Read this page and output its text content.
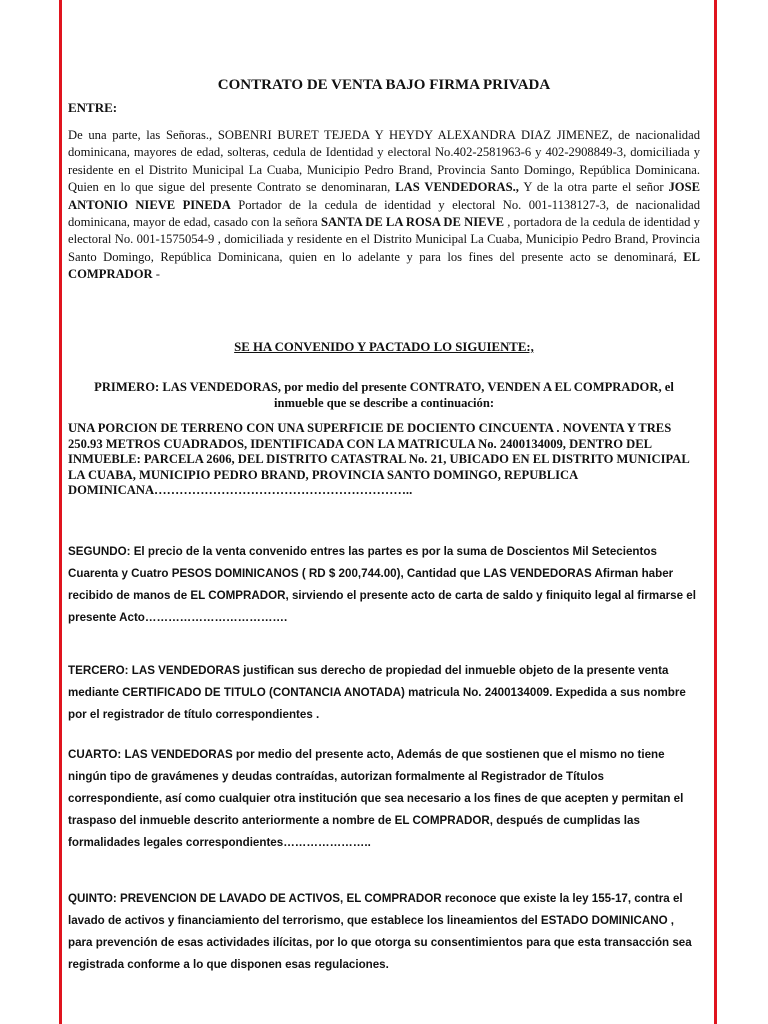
CONTRATO DE VENTA BAJO FIRMA PRIVADA
ENTRE:

De una parte, las Señoras., SOBENRI BURET TEJEDA Y HEYDY ALEXANDRA DIAZ JIMENEZ, de nacionalidad dominicana, mayores de edad, solteras, cedula de Identidad y electoral No.402-2581963-6 y 402-2908849-3, domiciliada y residente en el Distrito Municipal La Cuaba, Municipio Pedro Brand, Provincia Santo Domingo, República Dominicana. Quien en lo que sigue del presente Contrato se denominaran, LAS VENDEDORAS., Y de la otra parte el señor JOSE ANTONIO NIEVE PINEDA Portador de la cedula de identidad y electoral No. 001-1138127-3, de nacionalidad dominicana, mayor de edad, casado con la señora SANTA DE LA ROSA DE NIEVE , portadora de la cedula de identidad y electoral No. 001-1575054-9 , domiciliada y residente en el Distrito Municipal La Cuaba, Municipio Pedro Brand, Provincia Santo Domingo, República Dominicana, quien en lo adelante y para los fines del presente acto se denominará, EL COMPRADOR -

SE HA CONVENIDO Y PACTADO LO SIGUIENTE:,

PRIMERO: LAS VENDEDORAS, por medio del presente CONTRATO, VENDEN A EL COMPRADOR, el inmueble que se describe a continuación:

UNA PORCION DE TERRENO CON UNA SUPERFICIE DE DOCIENTO CINCUENTA . NOVENTA Y TRES 250.93 METROS CUADRADOS, IDENTIFICADA CON LA MATRICULA No. 2400134009, DENTRO DEL INMUEBLE: PARCELA 2606, DEL DISTRITO CATASTRAL No. 21, UBICADO EN EL DISTRITO MUNICIPAL LA CUABA, MUNICIPIO PEDRO BRAND, PROVINCIA SANTO DOMINGO, REPUBLICA DOMINICANA……………………………………………………..

SEGUNDO: El precio de la venta convenido entres las partes es por la suma de Doscientos Mil Setecientos Cuarenta y Cuatro PESOS DOMINICANOS ( RD $ 200,744.00), Cantidad que LAS VENDEDORAS Afirman haber recibido de manos de EL COMPRADOR, sirviendo el presente acto de carta de saldo y finiquito legal al firmarse el presente Acto……………………………….

TERCERO: LAS VENDEDORAS justifican sus derecho de propiedad del inmueble objeto de la presente venta mediante CERTIFICADO DE TITULO (CONTANCIA ANOTADA) matricula No. 2400134009. Expedida a sus nombre por el registrador de título correspondientes .

CUARTO: LAS VENDEDORAS por medio del presente acto, Además de que sostienen que el mismo no tiene ningún tipo de gravámenes y deudas contraídas, autorizan formalmente al Registrador de Títulos correspondiente, así como cualquier otra institución que sea necesario a los fines de que acepten y permitan el traspaso del inmueble descrito anteriormente a nombre de EL COMPRADOR, después de cumplidas las formalidades legales correspondientes…………………..

QUINTO: PREVENCION DE LAVADO DE ACTIVOS, EL COMPRADOR reconoce que existe la ley 155-17, contra el lavado de activos y financiamiento del terrorismo, que establece los lineamientos del ESTADO DOMINICANO , para prevención de esas actividades ilícitas, por lo que otorga su consentimientos para que esta transacción sea registrada conforme a lo que disponen esas regulaciones.
